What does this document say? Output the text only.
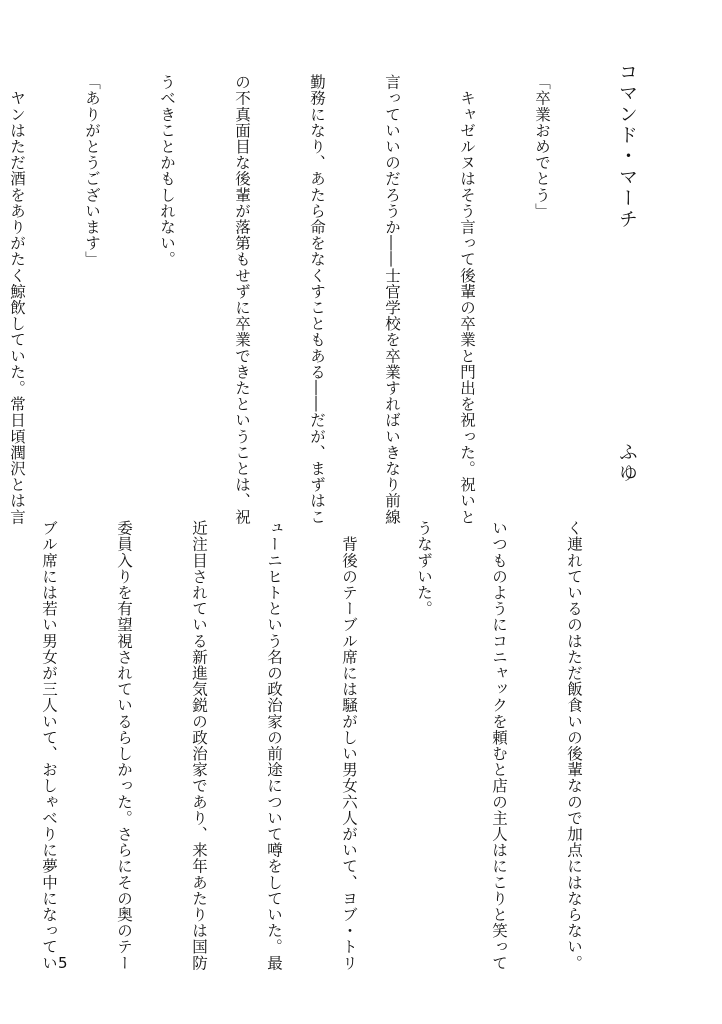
コマンド・マーチ
ふゆ

「卒業おめでとう」

　キャゼルヌはそう言って後輩の卒業と門出を祝った。祝いと

言っていいのだろうか――士官学校を卒業すればいきなり前線

勤務になり、あたら命をなくすこともある――だが、まずはこ

の不真面目な後輩が落第もせずに卒業できたということは、祝

うべきことかもしれない。

「ありがとうございます」

　ヤンはただ酒をありがたく鯨飲していた。常日頃潤沢とは言

く連れているのはただ飯食いの後輩なので加点にはならない。

いつものようにコニャックを頼むと店の主人はにこりと笑って

うなずいた。

　背後のテーブル席には騒がしい男女六人がいて、ヨブ・トリ

ューニヒトという名の政治家の前途について噂をしていた。最

近注目されている新進気鋭の政治家であり、来年あたりは国防

委員入りを有望視されているらしかった。さらにその奥のテー

ブル席には若い男女が三人いて、おしゃべりに夢中になってい

5
